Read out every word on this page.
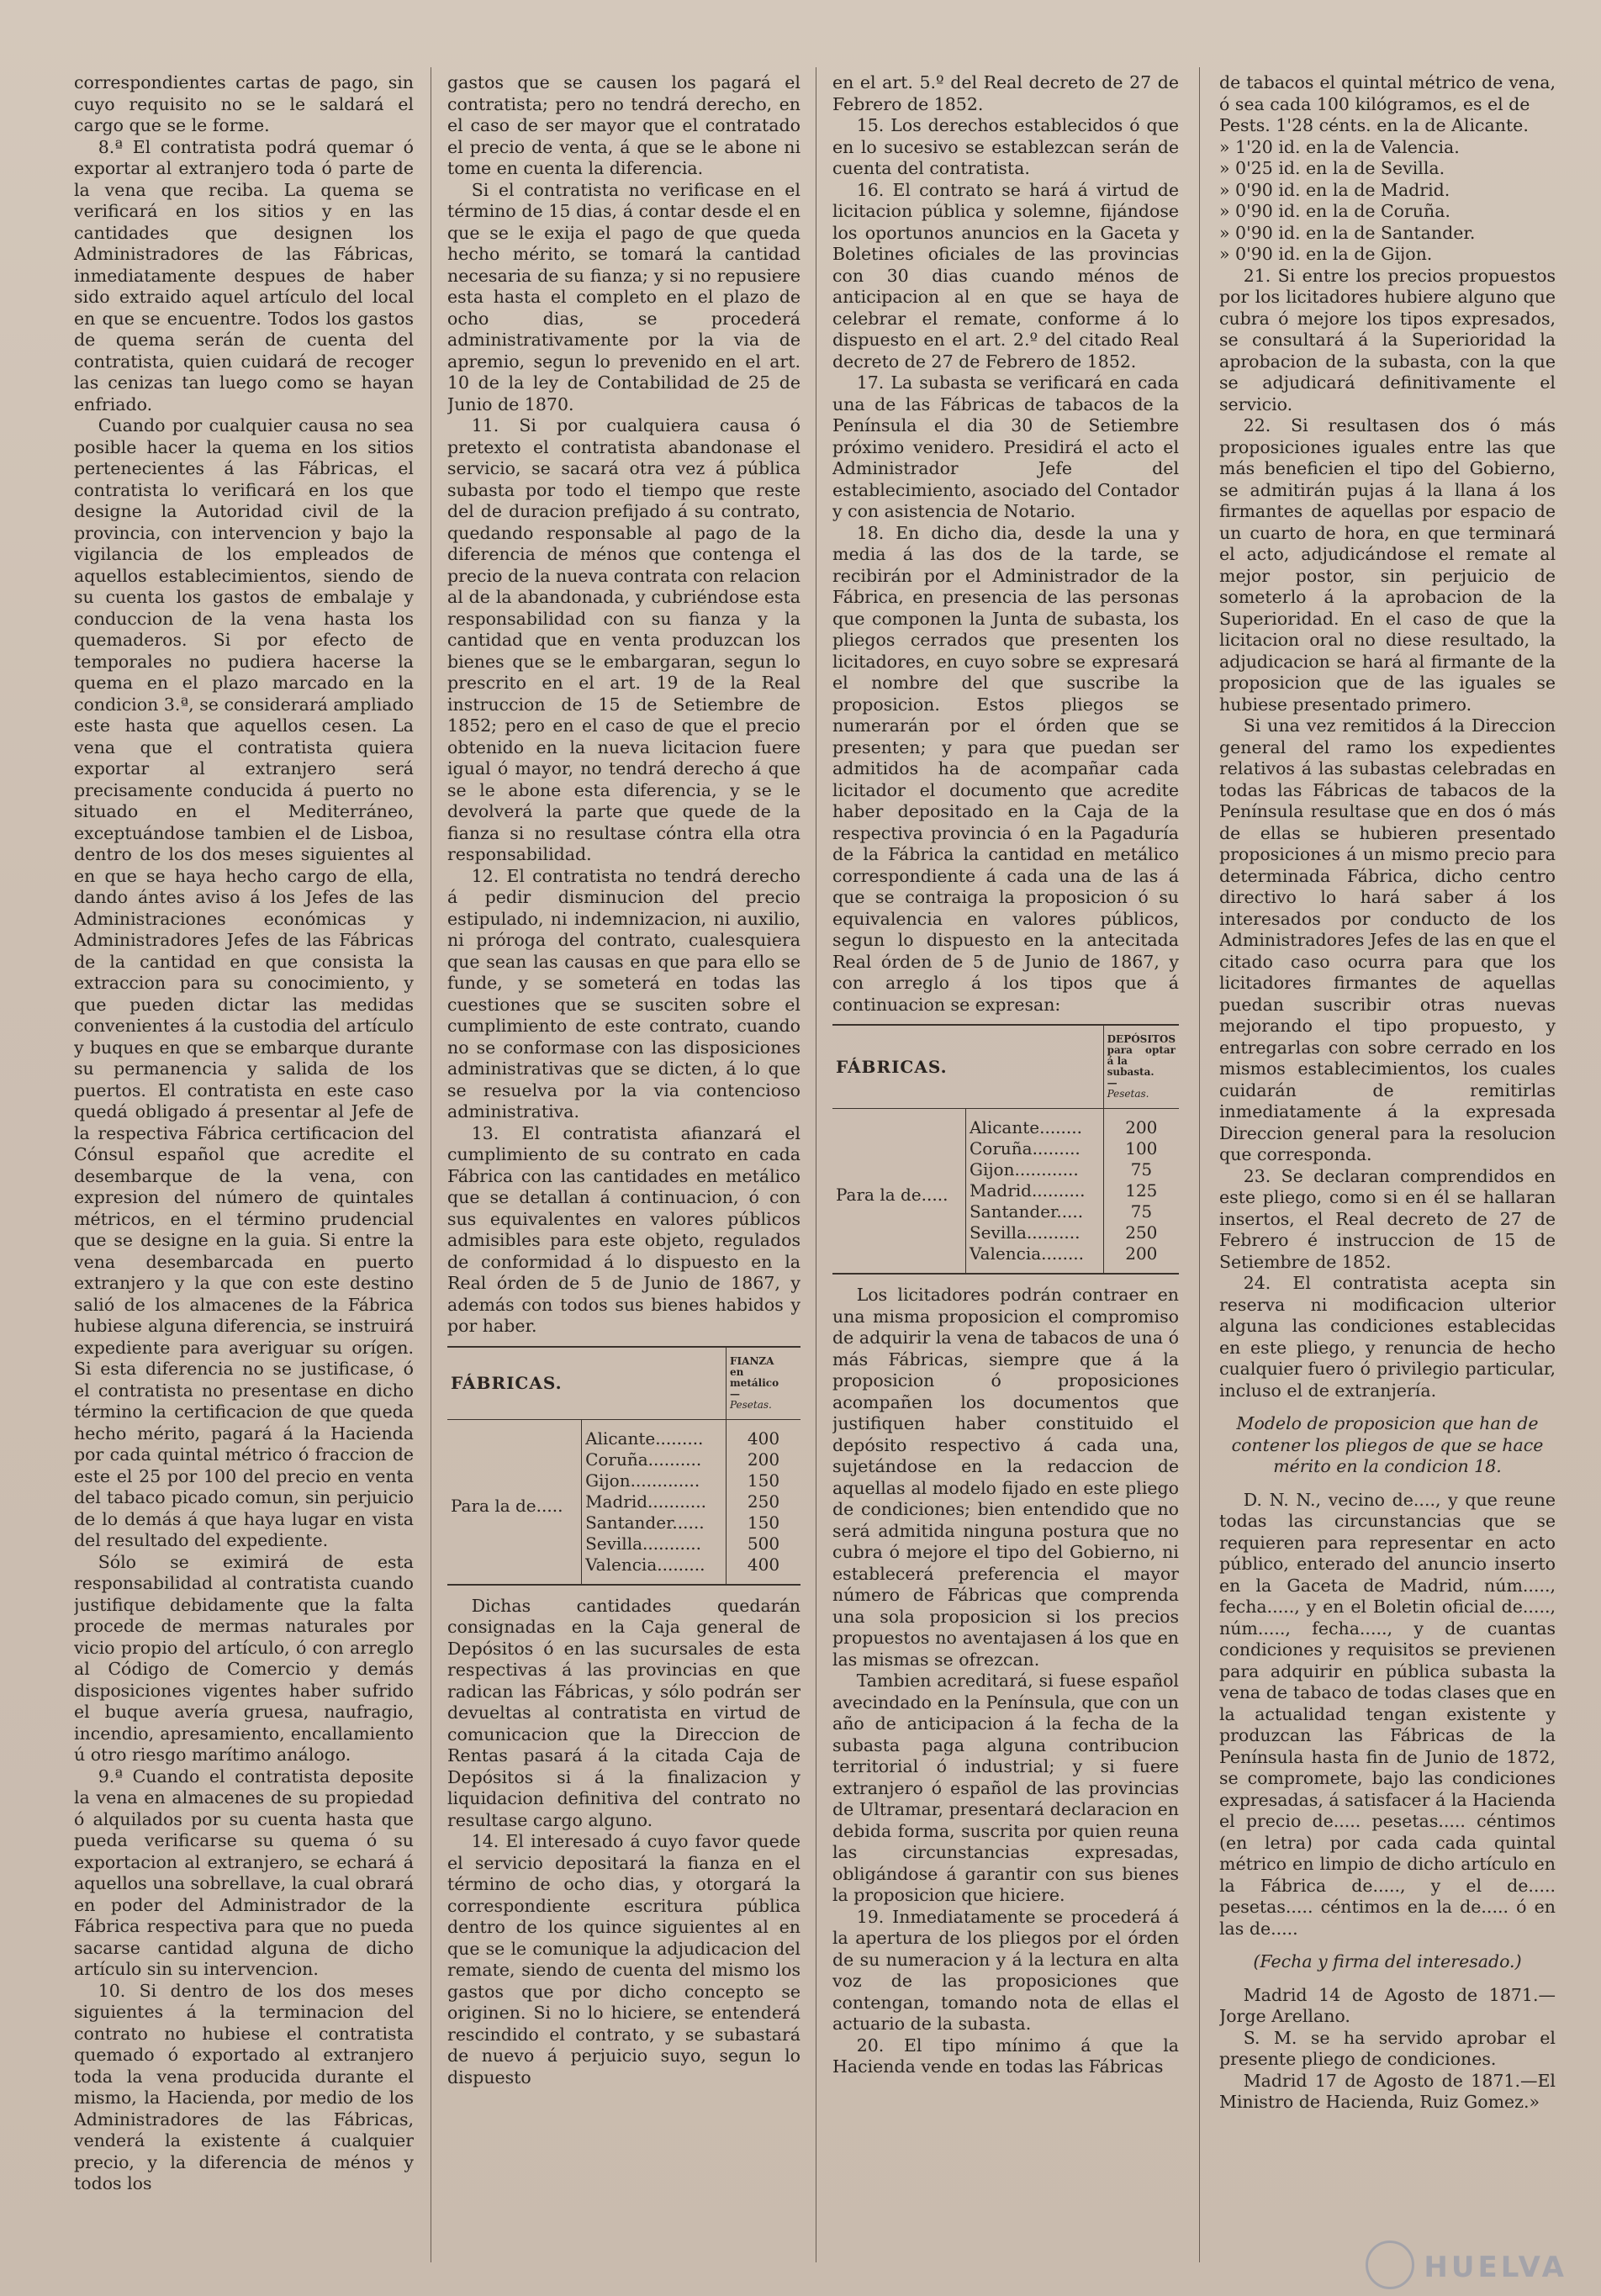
correspondientes cartas de pago, sin cuyo requisito no se le saldará el cargo que se le forme.

8.ª El contratista podrá quemar ó exportar al extranjero toda ó parte de la vena que reciba. La quema se verificará en los sitios y en las cantidades que designen los Administradores de las Fábricas, inmediatamente despues de haber sido extraido aquel artículo del local en que se encuentre. Todos los gastos de quema serán de cuenta del contratista, quien cuidará de recoger las cenizas tan luego como se hayan enfriado.

Cuando por cualquier causa no sea posible hacer la quema en los sitios pertenecientes á las Fábricas, el contratista lo verificará en los que designe la Autoridad civil de la provincia, con intervencion y bajo la vigilancia de los empleados de aquellos establecimientos, siendo de su cuenta los gastos de embalaje y conduccion de la vena hasta los quemaderos. Si por efecto de temporales no pudiera hacerse la quema en el plazo marcado en la condicion 3.ª, se considerará ampliado este hasta que aquellos cesen. La vena que el contratista quiera exportar al extranjero será precisamente conducida á puerto no situado en el Mediterráneo, exceptuándose tambien el de Lisboa, dentro de los dos meses siguientes al en que se haya hecho cargo de ella, dando ántes aviso á los Jefes de las Administraciones económicas y Administradores Jefes de las Fábricas de la cantidad en que consista la extraccion para su conocimiento, y que pueden dictar las medidas convenientes á la custodia del artículo y buques en que se embarque durante su permanencia y salida de los puertos. El contratista en este caso quedá obligado á presentar al Jefe de la respectiva Fábrica certificacion del Cónsul español que acredite el desembarque de la vena, con expresion del número de quintales métricos, en el término prudencial que se designe en la guia. Si entre la vena desembarcada en puerto extranjero y la que con este destino salió de los almacenes de la Fábrica hubiese alguna diferencia, se instruirá expediente para averiguar su orígen. Si esta diferencia no se justificase, ó el contratista no presentase en dicho término la certificacion de que queda hecho mérito, pagará á la Hacienda por cada quintal métrico ó fraccion de este el 25 por 100 del precio en venta del tabaco picado comun, sin perjuicio de lo demás á que haya lugar en vista del resultado del expediente.

Sólo se eximirá de esta responsabilidad al contratista cuando justifique debidamente que la falta procede de mermas naturales por vicio propio del artículo, ó con arreglo al Código de Comercio y demás disposiciones vigentes haber sufrido el buque avería gruesa, naufragio, incendio, apresamiento, encallamiento ú otro riesgo marítimo análogo.

9.ª Cuando el contratista deposite la vena en almacenes de su propiedad ó alquilados por su cuenta hasta que pueda verificarse su quema ó su exportacion al extranjero, se echará á aquellos una sobrellave, la cual obrará en poder del Administrador de la Fábrica respectiva para que no pueda sacarse cantidad alguna de dicho artículo sin su intervencion.

10. Si dentro de los dos meses siguientes á la terminacion del contrato no hubiese el contratista quemado ó exportado al extranjero toda la vena producida durante el mismo, la Hacienda, por medio de los Administradores de las Fábricas, venderá la existente á cualquier precio, y la diferencia de ménos y todos los

gastos que se causen los pagará el contratista; pero no tendrá derecho, en el caso de ser mayor que el contratado el precio de venta, á que se le abone ni tome en cuenta la diferencia.

Si el contratista no verificase en el término de 15 dias, á contar desde el en que se le exija el pago de que queda hecho mérito, se tomará la cantidad necesaria de su fianza; y si no repusiere esta hasta el completo en el plazo de ocho dias, se procederá administrativamente por la via de apremio, segun lo prevenido en el art. 10 de la ley de Contabilidad de 25 de Junio de 1870.

11. Si por cualquiera causa ó pretexto el contratista abandonase el servicio, se sacará otra vez á pública subasta por todo el tiempo que reste del de duracion prefijado á su contrato, quedando responsable al pago de la diferencia de ménos que contenga el precio de la nueva contrata con relacion al de la abandonada, y cubriéndose esta responsabilidad con su fianza y la cantidad que en venta produzcan los bienes que se le embargaran, segun lo prescrito en el art. 19 de la Real instruccion de 15 de Setiembre de 1852; pero en el caso de que el precio obtenido en la nueva licitacion fuere igual ó mayor, no tendrá derecho á que se le abone esta diferencia, y se le devolverá la parte que quede de la fianza si no resultase cóntra ella otra responsabilidad.

12. El contratista no tendrá derecho á pedir disminucion del precio estipulado, ni indemnizacion, ni auxilio, ni prórogа del contrato, cualesquiera que sean las causas en que para ello se funde, y se someterá en todas las cuestiones que se susciten sobre el cumplimiento de este contrato, cuando no se conformase con las disposiciones administrativas que se dicten, á lo que se resuelva por la via contencioso administrativa.

13. El contratista afianzará el cumplimiento de su contrato en cada Fábrica con las cantidades en metálico que se detallan á continuacion, ó con sus equivalentes en valores públicos admisibles para este objeto, regulados de conformidad á lo dispuesto en la Real órden de 5 de Junio de 1867, y además con todos sus bienes habidos y por haber.

FÁBRICAS.		FIANZA
en
metálico
—
Pesetas.
Para la de.....	Alicante.........	400
	Coruña..........	200
	Gijon.............	150
	Madrid...........	250
	Santander......	150
	Sevilla...........	500
	Valencia.........	400

Dichas cantidades quedarán consignadas en la Caja general de Depósitos ó en las sucursales de esta respectivas á las provincias en que radican las Fábricas, y sólo podrán ser devueltas al contratista en virtud de comunicacion que la Direccion de Rentas pasará á la citada Caja de Depósitos si á la finalizacion y liquidacion definitiva del contrato no resultase cargo alguno.

14. El interesado á cuyo favor quede el servicio depositará la fianza en el término de ocho dias, y otorgará la correspondiente escritura pública dentro de los quince siguientes al en que se le comunique la adjudicacion del remate, siendo de cuenta del mismo los gastos que por dicho concepto se originen. Si no lo hiciere, se entenderá rescindido el contrato, y se subastará de nuevo á perjuicio suyo, segun lo dispuesto

en el art. 5.º del Real decreto de 27 de Febrero de 1852.

15. Los derechos establecidos ó que en lo sucesivo se establezcan serán de cuenta del contratista.

16. El contrato se hará á virtud de licitacion pública y solemne, fijándose los oportunos anuncios en la Gaceta y Boletines oficiales de las provincias con 30 dias cuando ménos de anticipacion al en que se haya de celebrar el remate, conforme á lo dispuesto en el art. 2.º del citado Real decreto de 27 de Febrero de 1852.

17. La subasta se verificará en cada una de las Fábricas de tabacos de la Península el dia 30 de Setiembre próximo venidero. Presidirá el acto el Administrador Jefe del establecimiento, asociado del Contador y con asistencia de Notario.

18. En dicho dia, desde la una y media á las dos de la tarde, se recibirán por el Administrador de la Fábrica, en presencia de las personas que componen la Junta de subasta, los pliegos cerrados que presenten los licitadores, en cuyo sobre se expresará el nombre del que suscribe la proposicion. Estos pliegos se numerarán por el órden que se presenten; y para que puedan ser admitidos ha de acompañar cada licitador el documento que acredite haber depositado en la Caja de la respectiva provincia ó en la Pagaduría de la Fábrica la cantidad en metálico correspondiente á cada una de las á que se contraiga la proposicion ó su equivalencia en valores públicos, segun lo dispuesto en la antecitada Real órden de 5 de Junio de 1867, y con arreglo á los tipos que á continuacion se expresan:

FÁBRICAS.		DEPÓSITOS
para optar á la
subasta.
—
Pesetas.
Para la de.....	Alicante........	200
	Coruña.........	100
	Gijon............	75
	Madrid..........	125
	Santander.....	75
	Sevilla..........	250
	Valencia........	200

Los licitadores podrán contraer en una misma proposicion el compromiso de adquirir la vena de tabacos de una ó más Fábricas, siempre que á la proposicion ó proposiciones acompañen los documentos que justifiquen haber constituido el depósito respectivo á cada una, sujetándose en la redaccion de aquellas al modelo fijado en este pliego de condiciones; bien entendido que no será admitida ninguna postura que no cubra ó mejore el tipo del Gobierno, ni establecerá preferencia el mayor número de Fábricas que comprenda una sola proposicion si los precios propuestos no aventajasen á los que en las mismas se ofrezcan.

Tambien acreditará, si fuese español avecindado en la Península, que con un año de anticipacion á la fecha de la subasta paga alguna contribucion territorial ó industrial; y si fuere extranjero ó español de las provincias de Ultramar, presentará declaracion en debida forma, suscrita por quien reuna las circunstancias expresadas, obligándose á garantir con sus bienes la proposicion que hiciere.

19. Inmediatamente se procederá á la apertura de los pliegos por el órden de su numeracion y á la lectura en alta voz de las proposiciones que contengan, tomando nota de ellas el actuario de la subasta.

20. El tipo mínimo á que la Hacienda vende en todas las Fábricas

de tabacos el quintal métrico de vena, ó sea cada 100 kilógramos, es el de

Pests. 1'28 cénts. en la de Alicante.
» 1'20 id. en la de Valencia.
» 0'25 id. en la de Sevilla.
» 0'90 id. en la de Madrid.
» 0'90 id. en la de Coruña.
» 0'90 id. en la de Santander.
» 0'90 id. en la de Gijon.

21. Si entre los precios propuestos por los licitadores hubiere alguno que cubra ó mejore los tipos expresados, se consultará á la Superioridad la aprobacion de la subasta, con la que se adjudicará definitivamente el servicio.

22. Si resultasen dos ó más proposiciones iguales entre las que más beneficien el tipo del Gobierno, se admitirán pujas á la llana á los firmantes de aquellas por espacio de un cuarto de hora, en que terminará el acto, adjudicándose el remate al mejor postor, sin perjuicio de someterlo á la aprobacion de la Superioridad. En el caso de que la licitacion oral no diese resultado, la adjudicacion se hará al firmante de la proposicion que de las iguales se hubiese presentado primero.

Si una vez remitidos á la Direccion general del ramo los expedientes relativos á las subastas celebradas en todas las Fábricas de tabacos de la Península resultase que en dos ó más de ellas se hubieren presentado proposiciones á un mismo precio para determinada Fábrica, dicho centro directivo lo hará saber á los interesados por conducto de los Administradores Jefes de las en que el citado caso ocurra para que los licitadores firmantes de aquellas puedan suscribir otras nuevas mejorando el tipo propuesto, y entregarlas con sobre cerrado en los mismos establecimientos, los cuales cuidarán de remitirlas inmediatamente á la expresada Direccion general para la resolucion que corresponda.

23. Se declaran comprendidos en este pliego, como si en él se hallaran insertos, el Real decreto de 27 de Febrero é instruccion de 15 de Setiembre de 1852.

24. El contratista acepta sin reserva ni modificacion ulterior alguna las condiciones establecidas en este pliego, y renuncia de hecho cualquier fuero ó privilegio particular, incluso el de extranjería.

Modelo de proposicion que han de contener los pliegos de que se hace mérito en la condicion 18.

D. N. N., vecino de...., y que reune todas las circunstancias que se requieren para representar en acto público, enterado del anuncio inserto en la Gaceta de Madrid, núm....., fecha....., y en el Boletin oficial de....., núm....., fecha....., y de cuantas condiciones y requisitos se previenen para adquirir en pública subasta la vena de tabaco de todas clases que en la actualidad tengan existente y produzcan las Fábricas de la Península hasta fin de Junio de 1872, se compromete, bajo las condiciones expresadas, á satisfacer á la Hacienda el precio de..... pesetas..... céntimos (en letra) por cada cada quintal métrico en limpio de dicho artículo en la Fábrica de....., y el de..... pesetas..... céntimos en la de..... ó en las de.....

(Fecha y firma del interesado.)

Madrid 14 de Agosto de 1871.— Jorge Arellano.

S. M. se ha servido aprobar el presente pliego de condiciones.

Madrid 17 de Agosto de 1871.—El Ministro de Hacienda, Ruiz Gomez.»

HUELVA
